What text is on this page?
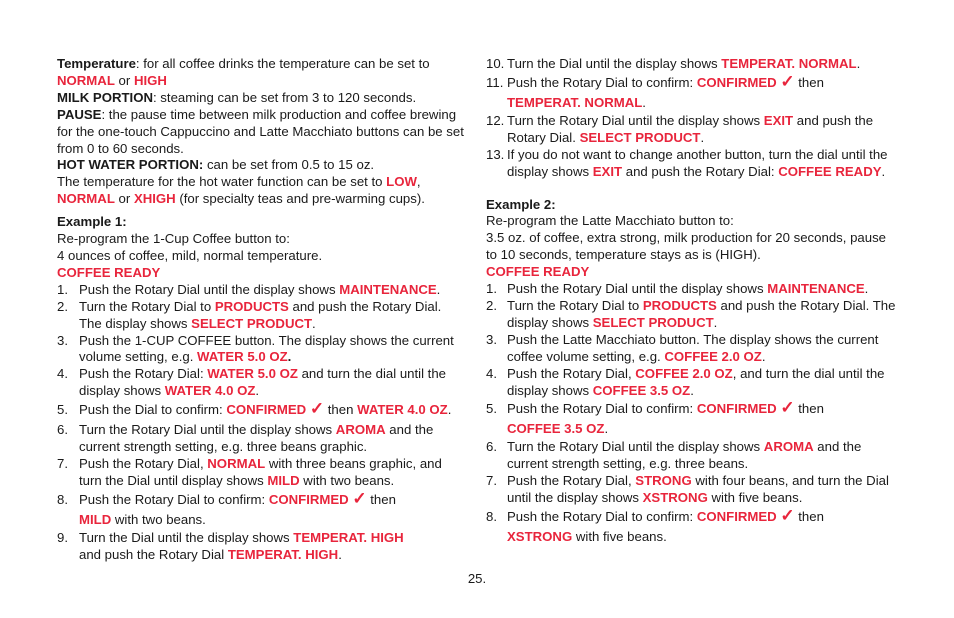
Temperature: for all coffee drinks the temperature can be set to NORMAL or HIGH

MILK PORTION: steaming can be set from 3 to 120 seconds.

PAUSE: the pause time between milk production and coffee brewing for the one-touch Cappuccino and Latte Macchiato buttons can be set from 0 to 60 seconds.

HOT WATER PORTION: can be set from 0.5 to 15 oz.

The temperature for the hot water function can be set to LOW, NORMAL or XHIGH (for specialty teas and pre-warming cups).

Example 1:

Re-program the 1-Cup Coffee button to:

4 ounces of coffee, mild, normal temperature.

COFFEE READY

1. Push the Rotary Dial until the display shows MAINTENANCE.
2. Turn the Rotary Dial to PRODUCTS and push the Rotary Dial. The display shows SELECT PRODUCT.
3. Push the 1-CUP COFFEE button. The display shows the current volume setting, e.g. WATER 5.0 OZ.
4. Push the Rotary Dial: WATER 5.0 OZ and turn the dial until the display shows WATER 4.0 OZ.
5. Push the Dial to confirm: CONFIRMED ✓ then WATER 4.0 OZ.
6. Turn the Rotary Dial until the display shows AROMA and the current strength setting, e.g. three beans graphic.
7. Push the Rotary Dial, NORMAL with three beans graphic, and turn the Dial until display shows MILD with two beans.
8. Push the Rotary Dial to confirm: CONFIRMED ✓ then
MILD with two beans.
9. Turn the Dial until the display shows TEMPERAT. HIGH
and push the Rotary Dial TEMPERAT. HIGH.
10. Turn the Dial until the display shows TEMPERAT. NORMAL.
11. Push the Rotary Dial to confirm: CONFIRMED ✓ then
TEMPERAT. NORMAL.
12. Turn the Rotary Dial until the display shows EXIT and push the Rotary Dial. SELECT PRODUCT.
13. If you do not want to change another button, turn the dial until the display shows EXIT and push the Rotary Dial: COFFEE READY.

Example 2:

Re-program the Latte Macchiato button to:

3.5 oz. of coffee, extra strong, milk production for 20 seconds, pause to 10 seconds, temperature stays as is (HIGH).

COFFEE READY

1. Push the Rotary Dial until the display shows MAINTENANCE.
2. Turn the Rotary Dial to PRODUCTS and push the Rotary Dial. The display shows SELECT PRODUCT.
3. Push the Latte Macchiato button. The display shows the current coffee volume setting, e.g. COFFEE 2.0 OZ.
4. Push the Rotary Dial, COFFEE 2.0 OZ, and turn the dial until the display shows COFFEE 3.5 OZ.
5. Push the Rotary Dial to confirm: CONFIRMED ✓ then
COFFEE 3.5 OZ.
6. Turn the Rotary Dial until the display shows AROMA and the current strength setting, e.g. three beans.
7. Push the Rotary Dial, STRONG with four beans, and turn the Dial until the display shows XSTRONG with five beans.
8. Push the Rotary Dial to confirm: CONFIRMED ✓ then
XSTRONG with five beans.
25.
